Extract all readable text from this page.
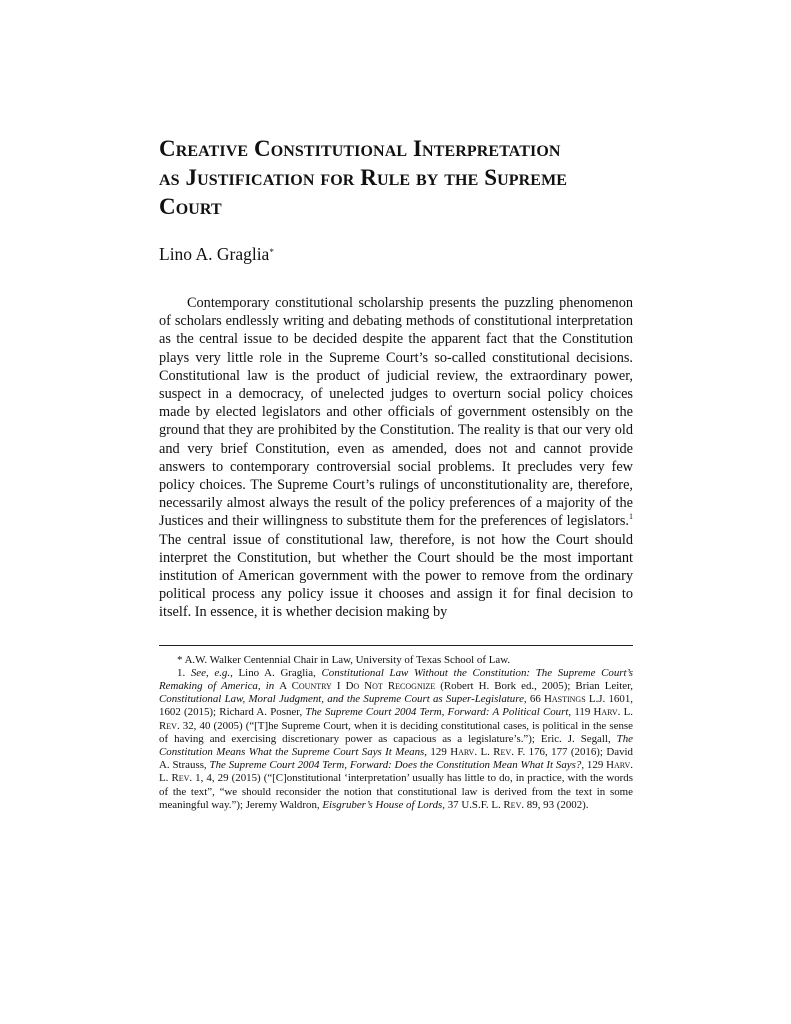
Creative Constitutional Interpretation
as Justification for Rule by the Supreme
Court
Lino A. Graglia*

Contemporary constitutional scholarship presents the puzzling phenomenon of scholars endlessly writing and debating methods of constitutional interpretation as the central issue to be decided despite the apparent fact that the Constitution plays very little role in the Supreme Court’s so-called constitutional decisions. Constitutional law is the product of judicial review, the extraordinary power, suspect in a democracy, of unelected judges to overturn social policy choices made by elected legislators and other officials of government ostensibly on the ground that they are prohibited by the Constitution. The reality is that our very old and very brief Constitution, even as amended, does not and cannot provide answers to contemporary controversial social problems. It precludes very few policy choices. The Supreme Court’s rulings of unconstitutionality are, therefore, necessarily almost always the result of the policy preferences of a majority of the Justices and their willingness to substitute them for the preferences of legislators.$^1$ The central issue of constitutional law, therefore, is not how the Court should interpret the Constitution, but whether the Court should be the most important institution of American government with the power to remove from the ordinary political process any policy issue it chooses and assign it for final decision to itself. In essence, it is whether decision making by

* A.W. Walker Centennial Chair in Law, University of Texas School of Law.

1. See, e.g., Lino A. Graglia, Constitutional Law Without the Constitution: The Supreme Court’s Remaking of America, in A Country I Do Not Recognize (Robert H. Bork ed., 2005); Brian Leiter, Constitutional Law, Moral Judgment, and the Supreme Court as Super-Legislature, 66 Hastings L.J. 1601, 1602 (2015); Richard A. Posner, The Supreme Court 2004 Term, Forward: A Political Court, 119 Harv. L. Rev. 32, 40 (2005) (“[T]he Supreme Court, when it is deciding constitutional cases, is political in the sense of having and exercising discretionary power as capacious as a legislature’s.”); Eric. J. Segall, The Constitution Means What the Supreme Court Says It Means, 129 Harv. L. Rev. F. 176, 177 (2016); David A. Strauss, The Supreme Court 2004 Term, Forward: Does the Constitution Mean What It Says?, 129 Harv. L. Rev. 1, 4, 29 (2015) (“[C]onstitutional ‘interpretation’ usually has little to do, in practice, with the words of the text”, “we should reconsider the notion that constitutional law is derived from the text in some meaningful way.”); Jeremy Waldron, Eisgruber’s House of Lords, 37 U.S.F. L. Rev. 89, 93 (2002).
